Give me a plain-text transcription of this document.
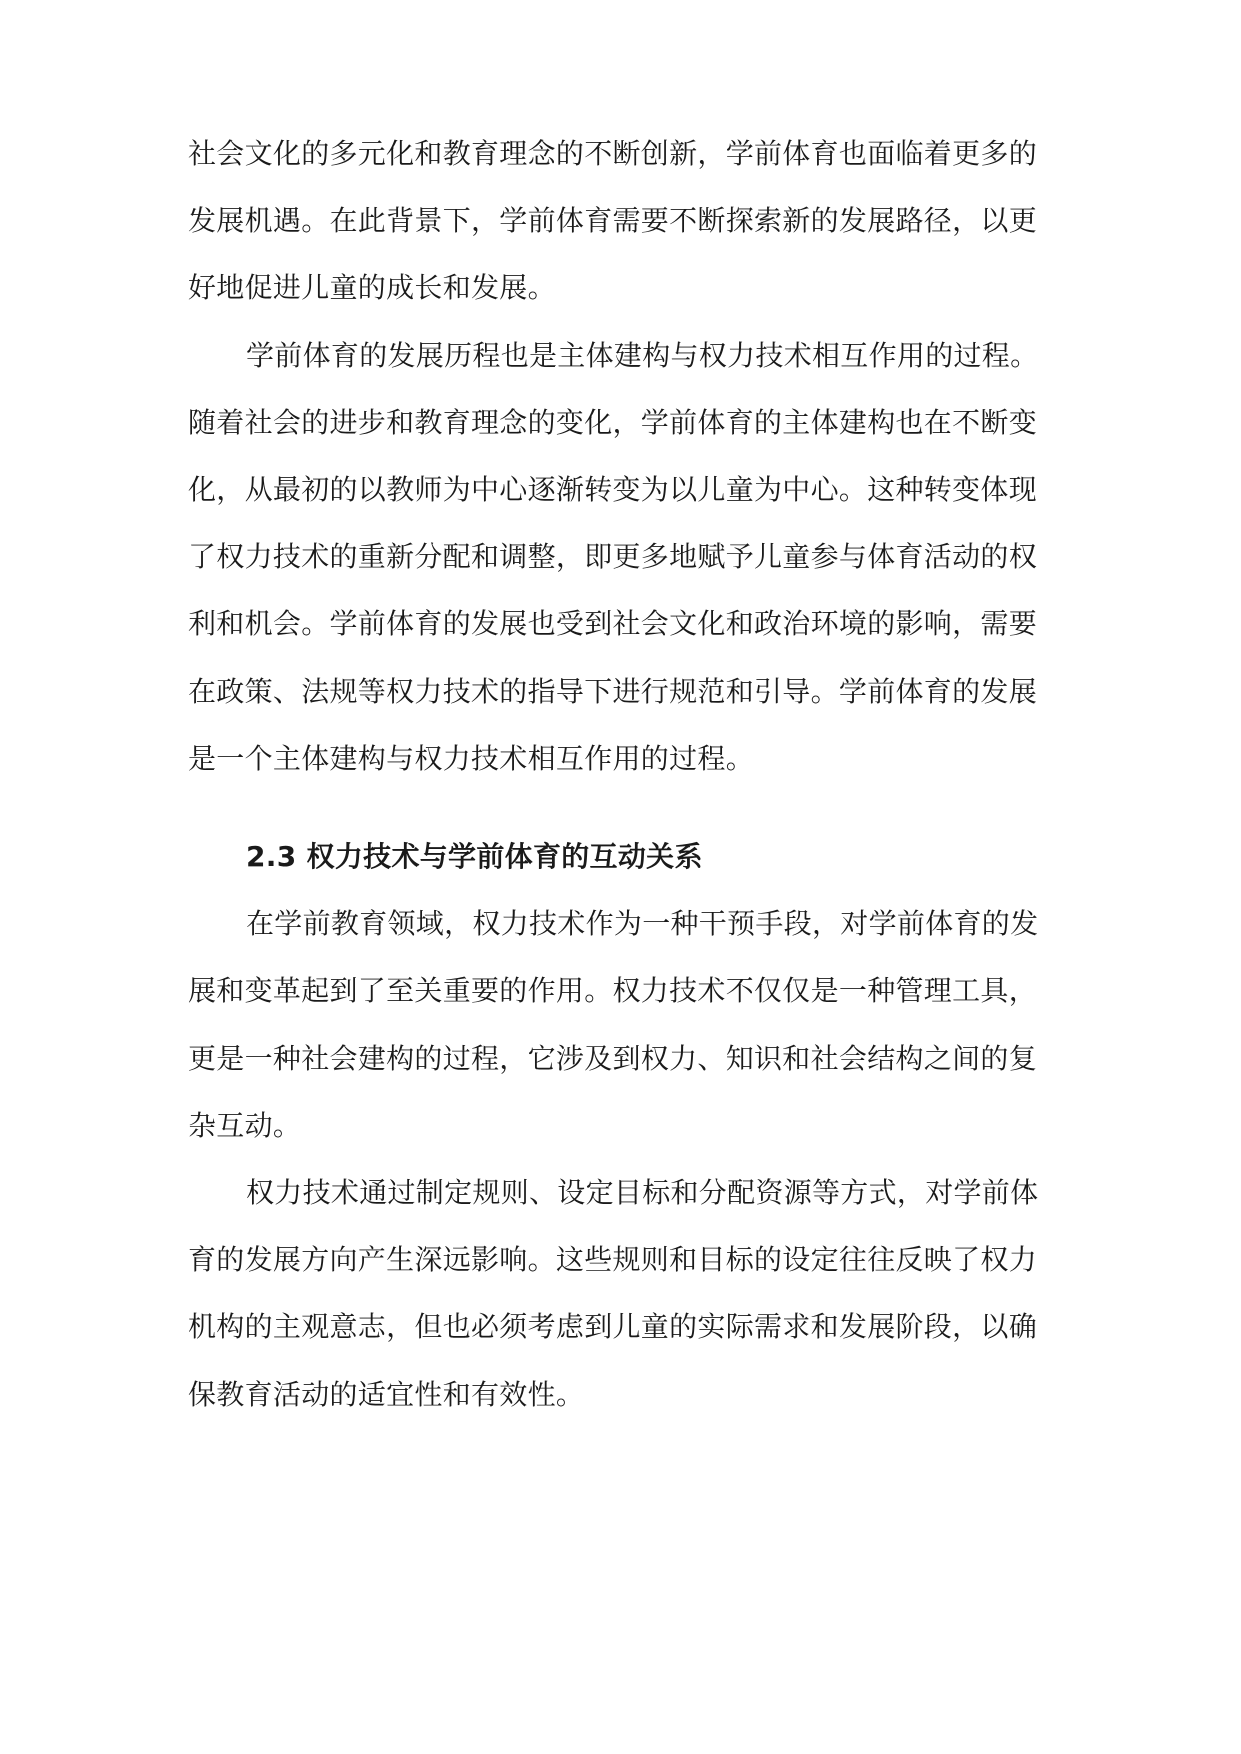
社会文化的多元化和教育理念的不断创新，学前体育也面临着更多的
发展机遇。在此背景下，学前体育需要不断探索新的发展路径，以更
好地促进儿童的成长和发展。
学前体育的发展历程也是主体建构与权力技术相互作用的过程。
随着社会的进步和教育理念的变化，学前体育的主体建构也在不断变
化，从最初的以教师为中心逐渐转变为以儿童为中心。这种转变体现
了权力技术的重新分配和调整，即更多地赋予儿童参与体育活动的权
利和机会。学前体育的发展也受到社会文化和政治环境的影响，需要
在政策、法规等权力技术的指导下进行规范和引导。学前体育的发展
是一个主体建构与权力技术相互作用的过程。
2.3 权力技术与学前体育的互动关系
在学前教育领域，权力技术作为一种干预手段，对学前体育的发
展和变革起到了至关重要的作用。权力技术不仅仅是一种管理工具，
更是一种社会建构的过程，它涉及到权力、知识和社会结构之间的复
杂互动。
权力技术通过制定规则、设定目标和分配资源等方式，对学前体
育的发展方向产生深远影响。这些规则和目标的设定往往反映了权力
机构的主观意志，但也必须考虑到儿童的实际需求和发展阶段，以确
保教育活动的适宜性和有效性。
